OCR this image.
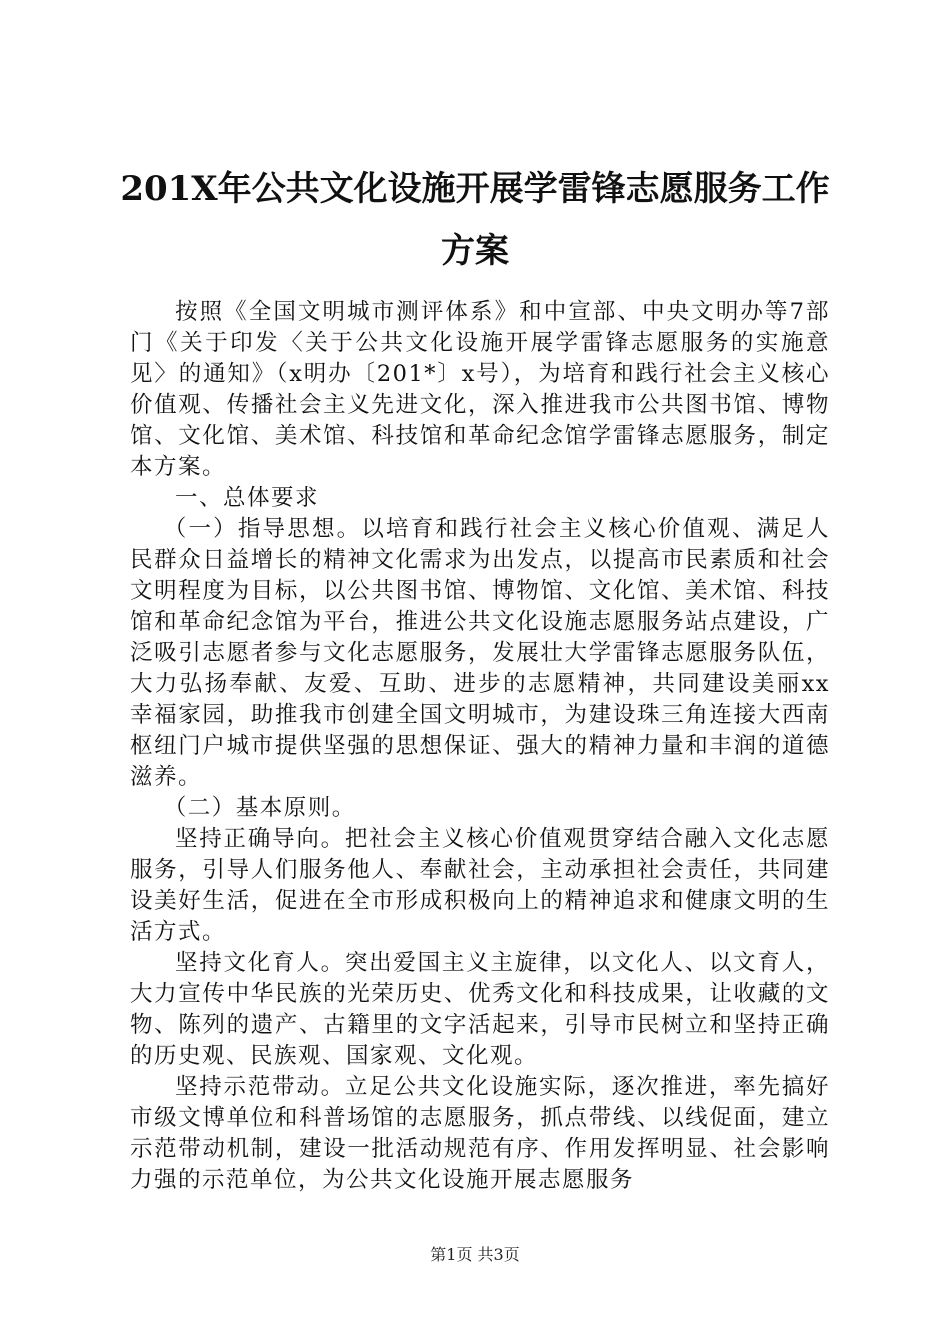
201X年公共文化设施开展学雷锋志愿服务工作方案

按照《全国文明城市测评体系》和中宣部、中央文明办等7部门《关于印发〈关于公共文化设施开展学雷锋志愿服务的实施意见〉的通知》（x明办〔201*〕x号），为培育和践行社会主义核心价值观、传播社会主义先进文化，深入推进我市公共图书馆、博物馆、文化馆、美术馆、科技馆和革命纪念馆学雷锋志愿服务，制定本方案。

一、总体要求

（一）指导思想。以培育和践行社会主义核心价值观、满足人民群众日益增长的精神文化需求为出发点，以提高市民素质和社会文明程度为目标，以公共图书馆、博物馆、文化馆、美术馆、科技馆和革命纪念馆为平台，推进公共文化设施志愿服务站点建设，广泛吸引志愿者参与文化志愿服务，发展壮大学雷锋志愿服务队伍，大力弘扬奉献、友爱、互助、进步的志愿精神，共同建设美丽xx幸福家园，助推我市创建全国文明城市，为建设珠三角连接大西南枢纽门户城市提供坚强的思想保证、强大的精神力量和丰润的道德滋养。

（二）基本原则。

坚持正确导向。把社会主义核心价值观贯穿结合融入文化志愿服务，引导人们服务他人、奉献社会，主动承担社会责任，共同建设美好生活，促进在全市形成积极向上的精神追求和健康文明的生活方式。

坚持文化育人。突出爱国主义主旋律，以文化人、以文育人，大力宣传中华民族的光荣历史、优秀文化和科技成果，让收藏的文物、陈列的遗产、古籍里的文字活起来，引导市民树立和坚持正确的历史观、民族观、国家观、文化观。

坚持示范带动。立足公共文化设施实际，逐次推进，率先搞好市级文博单位和科普场馆的志愿服务，抓点带线、以线促面，建立示范带动机制，建设一批活动规范有序、作用发挥明显、社会影响力强的示范单位，为公共文化设施开展志愿服务

第1页 共3页
